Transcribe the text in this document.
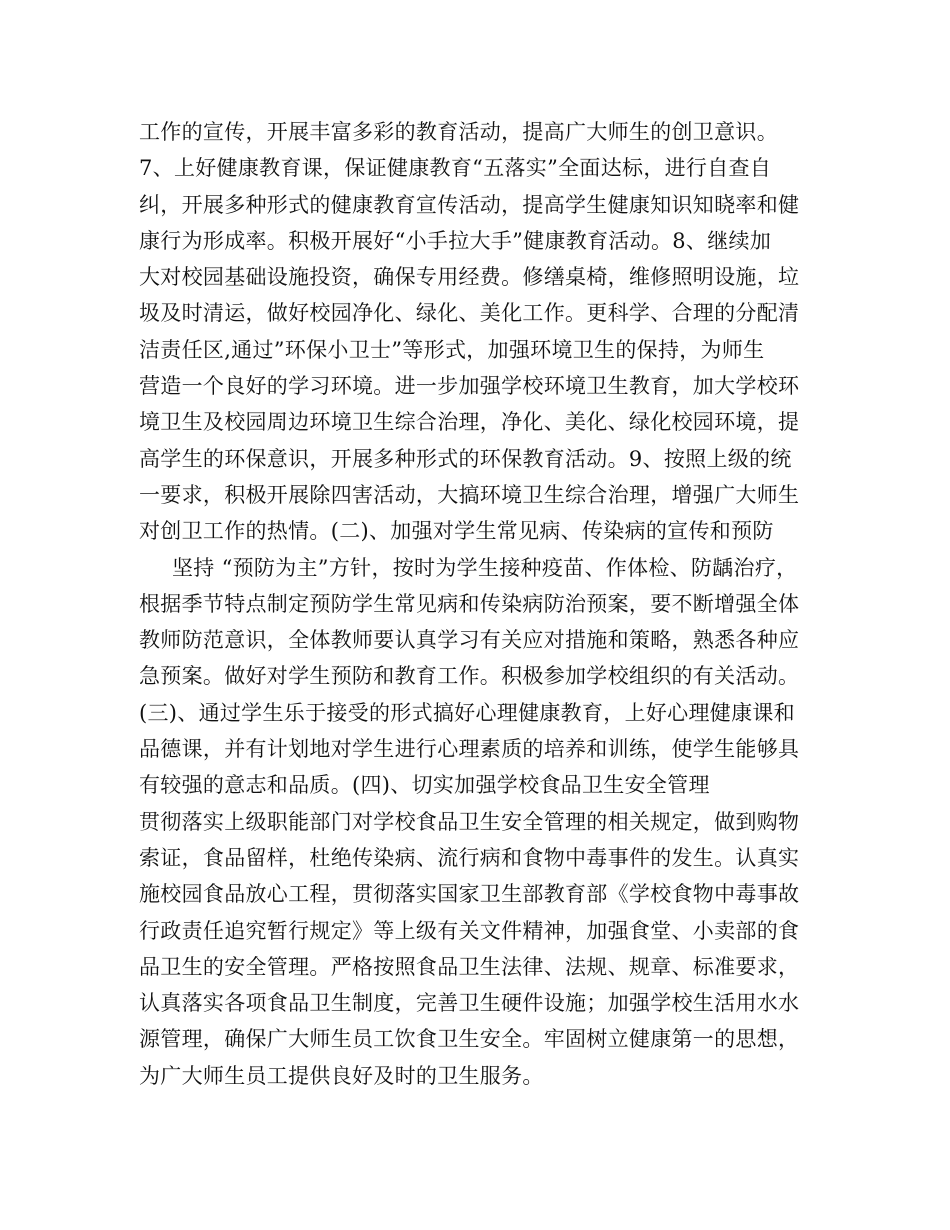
工作的宣传，开展丰富多彩的教育活动，提高广大师生的创卫意识。
7、上好健康教育课，保证健康教育“五落实”全面达标，进行自查自
纠，开展多种形式的健康教育宣传活动，提高学生健康知识知晓率和健
康行为形成率。积极开展好“小手拉大手”健康教育活动。8、继续加
大对校园基础设施投资，确保专用经费。修缮桌椅，维修照明设施，垃
圾及时清运，做好校园净化、绿化、美化工作。更科学、合理的分配清
洁责任区,通过”环保小卫士”等形式，加强环境卫生的保持，为师生
营造一个良好的学习环境。进一步加强学校环境卫生教育，加大学校环
境卫生及校园周边环境卫生综合治理，净化、美化、绿化校园环境，提
高学生的环保意识，开展多种形式的环保教育活动。9、按照上级的统
一要求，积极开展除四害活动，大搞环境卫生综合治理，增强广大师生
对创卫工作的热情。(二)、加强对学生常见病、传染病的宣传和预防
坚持 “预防为主”方针，按时为学生接种疫苗、作体检、防龋治疗，
根据季节特点制定预防学生常见病和传染病防治预案，要不断增强全体
教师防范意识，全体教师要认真学习有关应对措施和策略，熟悉各种应
急预案。做好对学生预防和教育工作。积极参加学校组织的有关活动。
(三)、通过学生乐于接受的形式搞好心理健康教育，上好心理健康课和
品德课，并有计划地对学生进行心理素质的培养和训练，使学生能够具
有较强的意志和品质。(四)、切实加强学校食品卫生安全管理
贯彻落实上级职能部门对学校食品卫生安全管理的相关规定，做到购物
索证，食品留样，杜绝传染病、流行病和食物中毒事件的发生。认真实
施校园食品放心工程，贯彻落实国家卫生部教育部《学校食物中毒事故
行政责任追究暂行规定》等上级有关文件精神，加强食堂、小卖部的食
品卫生的安全管理。严格按照食品卫生法律、法规、规章、标准要求，
认真落实各项食品卫生制度，完善卫生硬件设施；加强学校生活用水水
源管理，确保广大师生员工饮食卫生安全。牢固树立健康第一的思想，
为广大师生员工提供良好及时的卫生服务。
